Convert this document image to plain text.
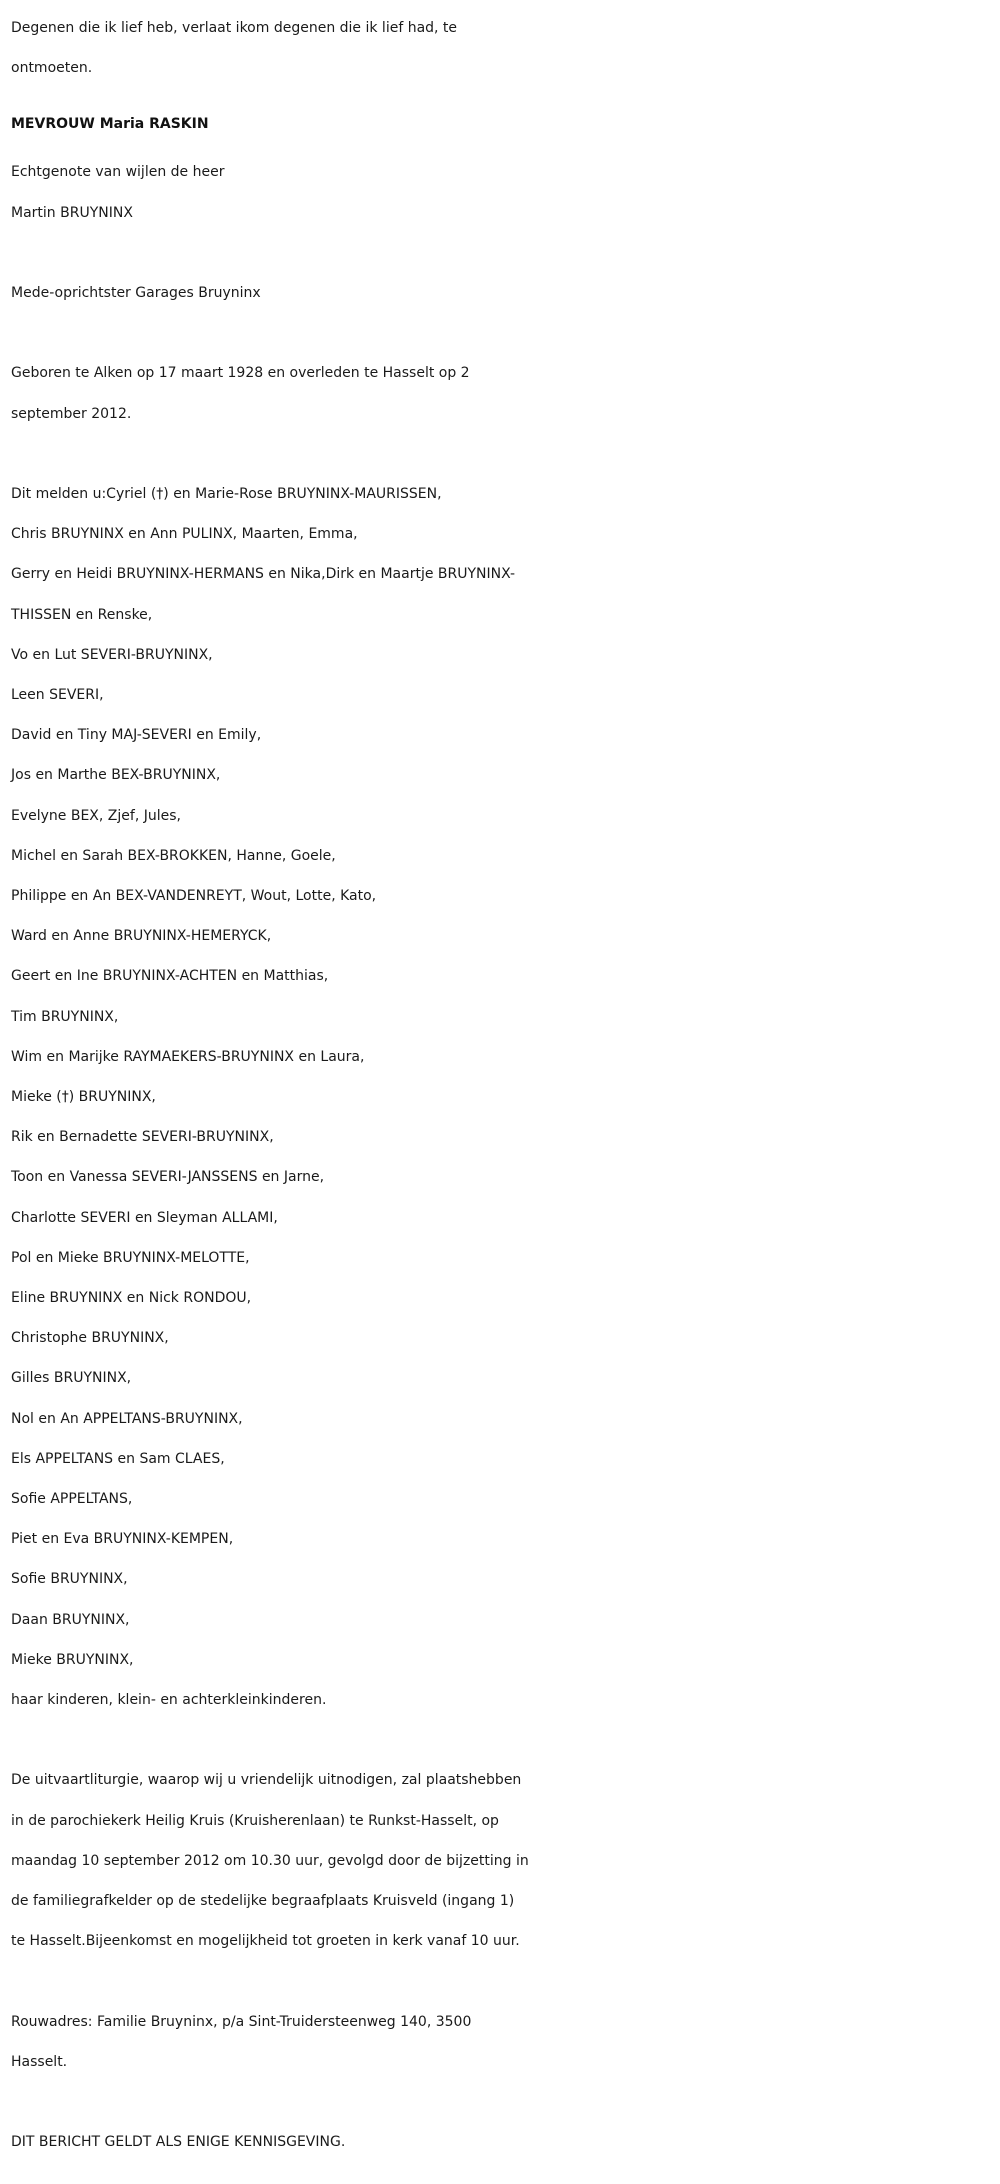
Degenen die ik lief heb, verlaat ikom degenen die ik lief had, te

ontmoeten.

MEVROUW Maria RASKIN

Echtgenote van wijlen de heer

Martin BRUYNINX

Mede-oprichtster Garages Bruyninx

Geboren te Alken op 17 maart 1928 en overleden te Hasselt op 2

september 2012.

Dit melden u:Cyriel (†) en Marie-Rose BRUYNINX-MAURISSEN,

Chris BRUYNINX en Ann PULINX, Maarten, Emma,

Gerry en Heidi BRUYNINX-HERMANS en Nika,Dirk en Maartje BRUYNINX-

THISSEN en Renske,

Vo en Lut SEVERI-BRUYNINX,

Leen SEVERI,

David en Tiny MAJ-SEVERI en Emily,

Jos en Marthe BEX-BRUYNINX,

Evelyne BEX, Zjef, Jules,

Michel en Sarah BEX-BROKKEN, Hanne, Goele,

Philippe en An BEX-VANDENREYT, Wout, Lotte, Kato,

Ward en Anne BRUYNINX-HEMERYCK,

Geert en Ine BRUYNINX-ACHTEN en Matthias,

Tim BRUYNINX,

Wim en Marijke RAYMAEKERS-BRUYNINX en Laura,

Mieke (†) BRUYNINX,

Rik en Bernadette SEVERI-BRUYNINX,

Toon en Vanessa SEVERI-JANSSENS en Jarne,

Charlotte SEVERI en Sleyman ALLAMI,

Pol en Mieke BRUYNINX-MELOTTE,

Eline BRUYNINX en Nick RONDOU,

Christophe BRUYNINX,

Gilles BRUYNINX,

Nol en An APPELTANS-BRUYNINX,

Els APPELTANS en Sam CLAES,

Sofie APPELTANS,

Piet en Eva BRUYNINX-KEMPEN,

Sofie BRUYNINX,

Daan BRUYNINX,

Mieke BRUYNINX,

haar kinderen, klein- en achterkleinkinderen.

De uitvaartliturgie, waarop wij u vriendelijk uitnodigen, zal plaatshebben

in de parochiekerk Heilig Kruis (Kruisherenlaan) te Runkst-Hasselt, op

maandag 10 september 2012 om 10.30 uur, gevolgd door de bijzetting in

de familiegrafkelder op de stedelijke begraafplaats Kruisveld (ingang 1)

te Hasselt.Bijeenkomst en mogelijkheid tot groeten in kerk vanaf 10 uur.

Rouwadres: Familie Bruyninx, p/a Sint-Truidersteenweg 140, 3500

Hasselt.

DIT BERICHT GELDT ALS ENIGE KENNISGEVING.
